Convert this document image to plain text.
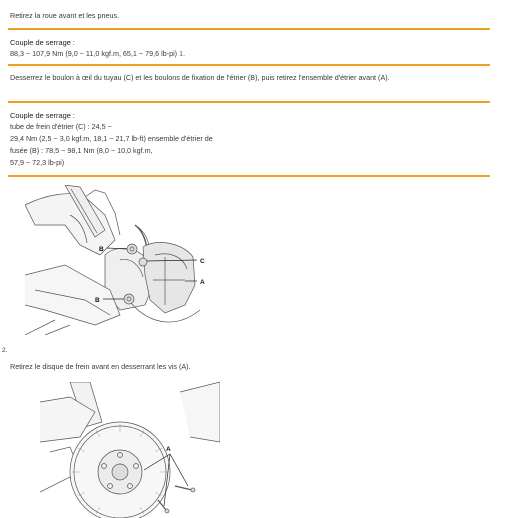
Retirez la roue avant et les pneus.
Couple de serrage :
88,3 ~ 107,9 Nm (9,0 ~ 11,0 kgf.m, 65,1 ~ 79,6 lb-pi) 1.
Desserrez le boulon à œil du tuyau (C) et les boulons de fixation de l'étrier (B), puis retirez l'ensemble d'étrier avant (A).
Couple de serrage :
tube de frein d'étrier (C) : 24,5 ~
29,4 Nm (2,5 ~ 3,0 kgf.m, 18,1 ~ 21,7 lb-ft) ensemble d'étrier de
fusée (B) : 78,5 ~ 98,1 Nm (8,0 ~ 10,0 kgf.m,
57,9 ~ 72,3 lb-pi)
B
C
A
B
2.
Retirez le disque de frein avant en desserrant les vis (A).
A
